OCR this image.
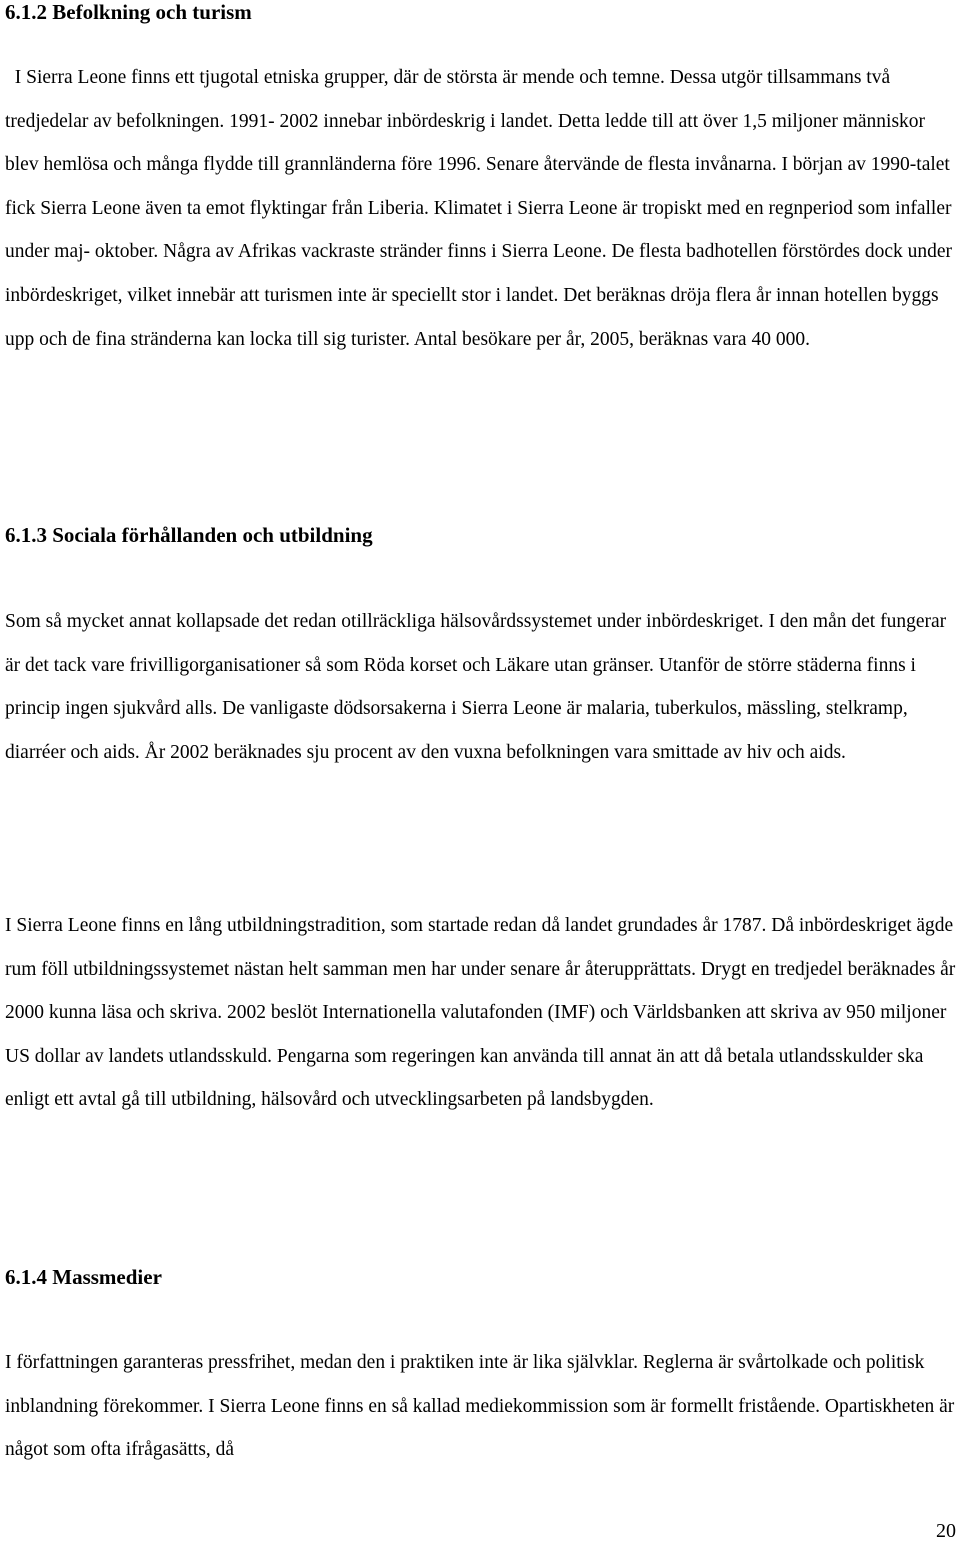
6.1.2 Befolkning och turism

I Sierra Leone finns ett tjugotal etniska grupper, där de största är mende och temne. Dessa utgör tillsammans två tredjedelar av befolkningen. 1991- 2002 innebar inbördeskrig i landet. Detta ledde till att över 1,5 miljoner människor blev hemlösa och många flydde till grannländerna före 1996. Senare återvände de flesta invånarna. I början av 1990-talet fick Sierra Leone även ta emot flyktingar från Liberia. Klimatet i Sierra Leone är tropiskt med en regnperiod som infaller under maj- oktober. Några av Afrikas vackraste stränder finns i Sierra Leone. De flesta badhotellen förstördes dock under inbördeskriget, vilket innebär att turismen inte är speciellt stor i landet. Det beräknas dröja flera år innan hotellen byggs upp och de fina stränderna kan locka till sig turister. Antal besökare per år, 2005, beräknas vara 40 000.

6.1.3 Sociala förhållanden och utbildning

Som så mycket annat kollapsade det redan otillräckliga hälsovårdssystemet under inbördeskriget. I den mån det fungerar är det tack vare frivilligorganisationer så som Röda korset och Läkare utan gränser. Utanför de större städerna finns i princip ingen sjukvård alls. De vanligaste dödsorsakerna i Sierra Leone är malaria, tuberkulos, mässling, stelkramp, diarréer och aids. År 2002 beräknades sju procent av den vuxna befolkningen vara smittade av hiv och aids.

I Sierra Leone finns en lång utbildningstradition, som startade redan då landet grundades år 1787. Då inbördeskriget ägde rum föll utbildningssystemet nästan helt samman men har under senare år återupprättats. Drygt en tredjedel beräknades år 2000 kunna läsa och skriva. 2002 beslöt Internationella valutafonden (IMF) och Världsbanken att skriva av 950 miljoner US dollar av landets utlandsskuld. Pengarna som regeringen kan använda till annat än att då betala utlandsskulder ska enligt ett avtal gå till utbildning, hälsovård och utvecklingsarbeten på landsbygden.

6.1.4 Massmedier

I författningen garanteras pressfrihet, medan den i praktiken inte är lika självklar. Reglerna är svårtolkade och politisk inblandning förekommer. I Sierra Leone finns en så kallad mediekommission som är formellt fristående. Opartiskheten är något som ofta ifrågasätts, då

20
